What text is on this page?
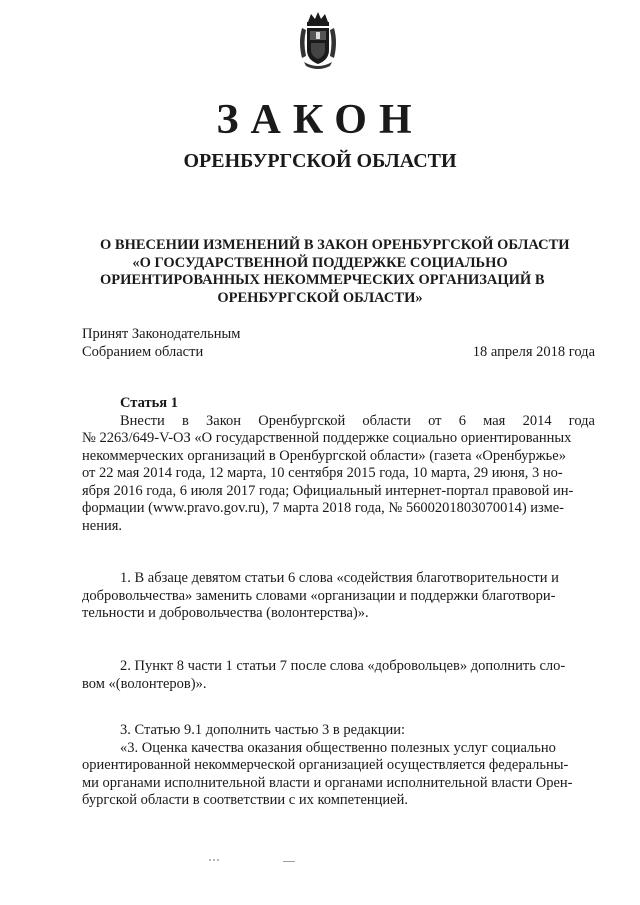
ЗАКОН
ОРЕНБУРГСКОЙ ОБЛАСТИ
О ВНЕСЕНИИ ИЗМЕНЕНИЙ В ЗАКОН ОРЕНБУРГСКОЙ ОБЛАСТИ
«О ГОСУДАРСТВЕННОЙ ПОДДЕРЖКЕ СОЦИАЛЬНО
ОРИЕНТИРОВАННЫХ НЕКОММЕРЧЕСКИХ ОРГАНИЗАЦИЙ В
ОРЕНБУРГСКОЙ ОБЛАСТИ»
Принят Законодательным
Собранием области	18 апреля 2018 года
Статья 1
Внести в Закон Оренбургской области от 6 мая 2014 года
№ 2263/649-V-ОЗ «О государственной поддержке социально ориентированных
некоммерческих организаций в Оренбургской области» (газета «Оренбуржье»
от 22 мая 2014 года, 12 марта, 10 сентября 2015 года, 10 марта, 29 июня, 3 но-
ября 2016 года, 6 июля 2017 года; Официальный интернет-портал правовой ин-
формации (www.pravo.gov.ru), 7 марта 2018 года, № 5600201803070014) изме-
нения.
1. В абзаце девятом статьи 6 слова «содействия благотворительности и
добровольчества» заменить словами «организации и поддержки благотвори-
тельности и добровольчества (волонтерства)».
2. Пункт 8 части 1 статьи 7 после слова «добровольцев» дополнить сло-
вом «(волонтеров)».
3. Статью 9.1 дополнить частью 3 в редакции:
«3. Оценка качества оказания общественно полезных услуг социально
ориентированной некоммерческой организацией осуществляется федеральны-
ми органами исполнительной власти и органами исполнительной власти Орен-
бургской области в соответствии с их компетенцией.
